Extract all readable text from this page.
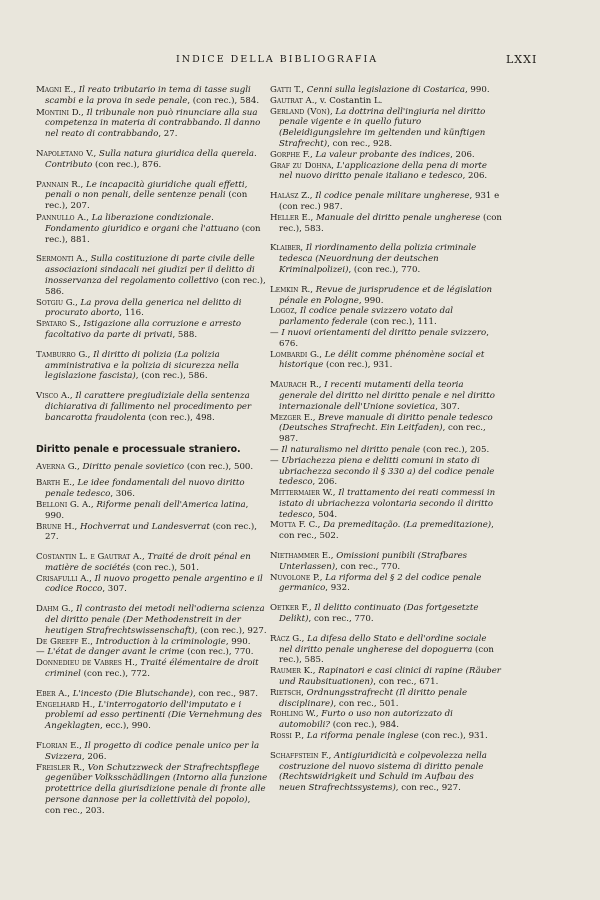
INDICE DELLA BIBLIOGRAFIA	LXXI
Magni E., Il reato tributario in tema di tasse sugli scambi e la prova in sede penale, (con rec.), 584.
Montini D., Il tribunale non può rinunciare alla sua competenza in materia di contrabbando. Il danno nel reato di contrabbando, 27.
Napoletano V., Sulla natura giuridica della querela. Contributo (con rec.), 876.
Pannain R., Le incapacità giuridiche quali effetti, penali o non penali, delle sentenze penali (con rec.), 207.
Pannullo A., La liberazione condizionale. Fondamento giuridico e organi che l'attuano (con rec.), 881.
Sermonti A., Sulla costituzione di parte civile delle associazioni sindacali nei giudizi per il delitto di inosservanza del regolamento collettivo (con rec.), 586.
Sotgiu G., La prova della generica nel delitto di procurato aborto, 116.
Spataro S., Istigazione alla corruzione e arresto facoltativo da parte di privati, 588.
Tamburro G., Il diritto di polizia (La polizia amministrativa e la polizia di sicurezza nella legislazione fascista), (con rec.), 586.
Visco A., Il carattere pregiudiziale della sentenza dichiarativa di fallimento nel procedimento per bancarotta fraudolenta (con rec.), 498.
Diritto penale e processuale straniero.
Averna G., Diritto penale sovietico (con rec.), 500.
Barth E., Le idee fondamentali del nuovo diritto penale tedesco, 306.
Belloni G. A., Riforme penali dell'America latina, 990.
Brune H., Hochverrat und Landesverrat (con rec.), 27.
Costantin L. e Gautrat A., Traité de droit pénal en matière de sociétés (con rec.), 501.
Crisafulli A., Il nuovo progetto penale argentino e il codice Rocco, 307.
Dahm G., Il contrasto dei metodi nell'odierna scienza del diritto penale (Der Methodenstreit in der heutigen Strafrechtswissenschaft), (con rec.), 927.
De Greeff E., Introduction à la criminologie, 990.
— L'état de danger avant le crime (con rec.), 770.
Donnedieu de Vabres H., Traité élémentaire de droit criminel (con rec.), 772.
Eber A., L'incesto (Die Blutschande), con rec., 987.
Engelhard H., L'interrogatorio dell'imputato e i problemi ad esso pertinenti (Die Vernehmung des Angeklagten, ecc.), 990.
Florian E., Il progetto di codice penale unico per la Svizzera, 206.
Freisler R., Von Schutzzweck der Strafrechtspflege gegenüber Volksschädlingen (Intorno alla funzione protettrice della giurisdizione penale di fronte alle persone dannose per la collettività del popolo), con rec., 203.
Gatti T., Cenni sulla legislazione di Costarica, 990.
Gautrat A., v. Costantin L.
Gerland (Von), La dottrina dell'ingiuria nel diritto penale vigente e in quello futuro (Beleidigungslehre im geltenden und künftigen Strafrecht), con rec., 928.
Gorphe F., La valeur probante des indices, 206.
Graf zu Dohna, L'applicazione della pena di morte nel nuovo diritto penale italiano e tedesco, 206.
Halász Z., Il codice penale militare ungherese, 931 e (con rec.) 987.
Heller E., Manuale del diritto penale ungherese (con rec.), 583.
Klaiber, Il riordinamento della polizia criminale tedesca (Neuordnung der deutschen Kriminalpolizei), (con rec.), 770.
Lemkin R., Revue de jurisprudence et de législation pénale en Pologne, 990.
Logoz, Il codice penale svizzero votato dal parlamento federale (con rec.), 111.
— I nuovi orientamenti del diritto penale svizzero, 676.
Lombardi G., Le délit comme phénomène social et historique (con rec.), 931.
Maurach R., I recenti mutamenti della teoria generale del diritto nel diritto penale e nel diritto internazionale dell'Unione sovietica, 307.
Mezger E., Breve manuale di diritto penale tedesco (Deutsches Strafrecht. Ein Leitfaden), con rec., 987.
— Il naturalismo nel diritto penale (con rec.), 205.
— Ubriachezza piena e delitti comuni in stato di ubriachezza secondo il § 330 a) del codice penale tedesco, 206.
Mittermaier W., Il trattamento dei reati commessi in istato di ubriachezza volontaria secondo il diritto tedesco, 504.
Motta F. C., Da premeditação. (La premeditazione), con rec., 502.
Niethammer E., Omissioni punibili (Strafbares Unterlassen), con rec., 770.
Nuvolone P., La riforma del § 2 del codice penale germanico, 932.
Oetker F., Il delitto continuato (Das fortgesetzte Delikt), con rec., 770.
Rácz G., La difesa dello Stato e dell'ordine sociale nel diritto penale ungherese del dopoguerra (con rec.), 585.
Raumer K., Rapinatori e casi clinici di rapine (Räuber und Raubsituationen), con rec., 671.
Rietsch, Ordnungsstrafrecht (Il diritto penale disciplinare), con rec., 501.
Rohling W., Furto o uso non autorizzato di automobili? (con rec.), 984.
Rossi P., La riforma penale inglese (con rec.), 931.
Schaffstein F., Antigiuridicità e colpevolezza nella costruzione del nuovo sistema di diritto penale (Rechtswidrigkeit und Schuld im Aufbau des neuen Strafrechtssystems), con rec., 927.
